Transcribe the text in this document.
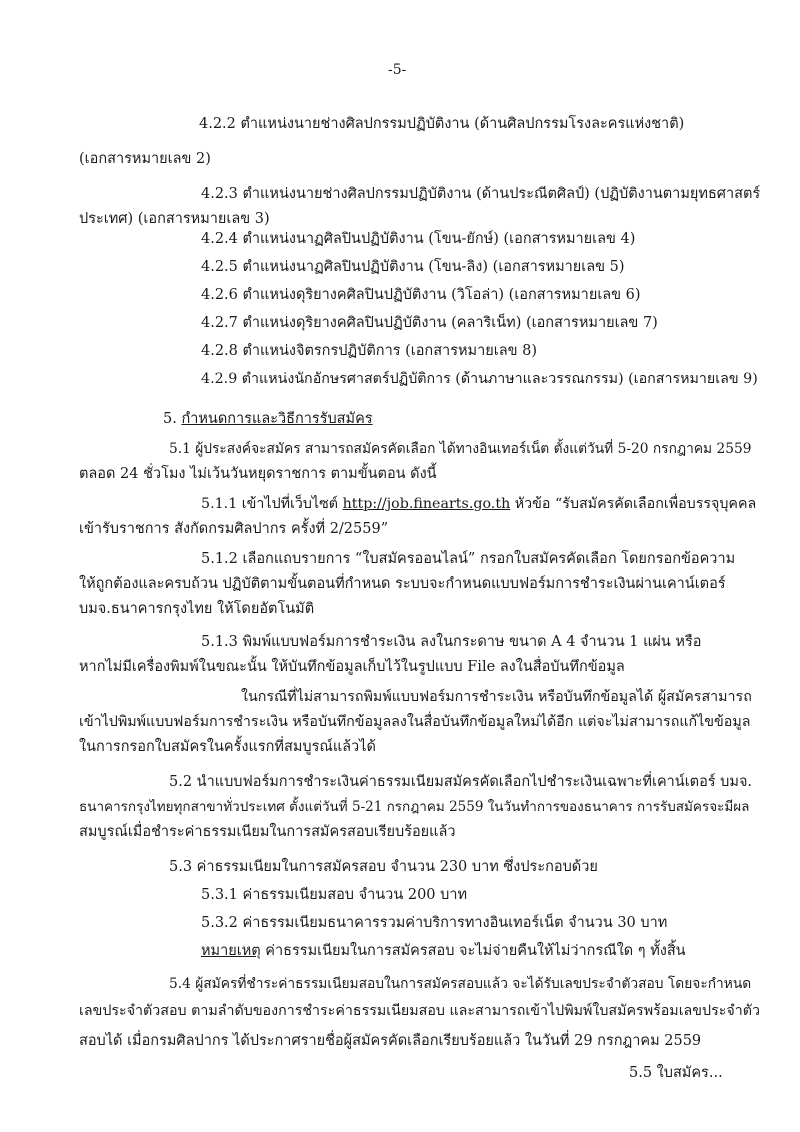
-5-
4.2.2 ตำแหน่งนายช่างศิลปกรรมปฏิบัติงาน (ด้านศิลปกรรมโรงละครแห่งชาติ)
(เอกสารหมายเลข 2)
4.2.3 ตำแหน่งนายช่างศิลปกรรมปฏิบัติงาน (ด้านประณีตศิลป์) (ปฏิบัติงานตามยุทธศาสตร์
ประเทศ) (เอกสารหมายเลข 3)
4.2.4 ตำแหน่งนาฏศิลปินปฏิบัติงาน (โขน-ยักษ์) (เอกสารหมายเลข 4)
4.2.5 ตำแหน่งนาฏศิลปินปฏิบัติงาน (โขน-ลิง) (เอกสารหมายเลข 5)
4.2.6 ตำแหน่งดุริยางคศิลปินปฏิบัติงาน (วิโอล่า) (เอกสารหมายเลข 6)
4.2.7 ตำแหน่งดุริยางคศิลปินปฏิบัติงาน (คลาริเน็ท) (เอกสารหมายเลข 7)
4.2.8 ตำแหน่งจิตรกรปฏิบัติการ (เอกสารหมายเลข 8)
4.2.9 ตำแหน่งนักอักษรศาสตร์ปฏิบัติการ (ด้านภาษาและวรรณกรรม) (เอกสารหมายเลข 9)
5. กำหนดการและวิธีการรับสมัคร
5.1 ผู้ประสงค์จะสมัคร สามารถสมัครคัดเลือก ได้ทางอินเทอร์เน็ต ตั้งแต่วันที่ 5-20 กรกฎาคม 2559
ตลอด 24 ชั่วโมง ไม่เว้นวันหยุดราชการ ตามขั้นตอน ดังนี้
5.1.1 เข้าไปที่เว็บไซต์ http://job.finearts.go.th หัวข้อ “รับสมัครคัดเลือกเพื่อบรรจุบุคคล
เข้ารับราชการ สังกัดกรมศิลปากร ครั้งที่ 2/2559”
5.1.2 เลือกแถบรายการ “ใบสมัครออนไลน์” กรอกใบสมัครคัดเลือก โดยกรอกข้อความ
ให้ถูกต้องและครบถ้วน ปฏิบัติตามขั้นตอนที่กำหนด ระบบจะกำหนดแบบฟอร์มการชำระเงินผ่านเคาน์เตอร์
บมจ.ธนาคารกรุงไทย ให้โดยอัตโนมัติ
5.1.3 พิมพ์แบบฟอร์มการชำระเงิน ลงในกระดาษ ขนาด A 4 จำนวน 1 แผ่น หรือ
หากไม่มีเครื่องพิมพ์ในขณะนั้น ให้บันทึกข้อมูลเก็บไว้ในรูปแบบ File ลงในสื่อบันทึกข้อมูล
ในกรณีที่ไม่สามารถพิมพ์แบบฟอร์มการชำระเงิน หรือบันทึกข้อมูลได้ ผู้สมัครสามารถ
เข้าไปพิมพ์แบบฟอร์มการชำระเงิน หรือบันทึกข้อมูลลงในสื่อบันทึกข้อมูลใหม่ได้อีก แต่จะไม่สามารถแก้ไขข้อมูล
ในการกรอกใบสมัครในครั้งแรกที่สมบูรณ์แล้วได้
5.2 นำแบบฟอร์มการชำระเงินค่าธรรมเนียมสมัครคัดเลือกไปชำระเงินเฉพาะที่เคาน์เตอร์ บมจ.
ธนาคารกรุงไทยทุกสาขาทั่วประเทศ ตั้งแต่วันที่ 5-21 กรกฎาคม 2559 ในวันทำการของธนาคาร การรับสมัครจะมีผล
สมบูรณ์เมื่อชำระค่าธรรมเนียมในการสมัครสอบเรียบร้อยแล้ว
5.3 ค่าธรรมเนียมในการสมัครสอบ จำนวน 230 บาท ซึ่งประกอบด้วย
5.3.1 ค่าธรรมเนียมสอบ จำนวน 200 บาท
5.3.2 ค่าธรรมเนียมธนาคารรวมค่าบริการทางอินเทอร์เน็ต จำนวน 30 บาท
หมายเหตุ ค่าธรรมเนียมในการสมัครสอบ จะไม่จ่ายคืนให้ไม่ว่ากรณีใด ๆ ทั้งสิ้น
5.4 ผู้สมัครที่ชำระค่าธรรมเนียมสอบในการสมัครสอบแล้ว จะได้รับเลขประจำตัวสอบ โดยจะกำหนด
เลขประจำตัวสอบ ตามลำดับของการชำระค่าธรรมเนียมสอบ และสามารถเข้าไปพิมพ์ใบสมัครพร้อมเลขประจำตัว
สอบได้ เมื่อกรมศิลปากร ได้ประกาศรายชื่อผู้สมัครคัดเลือกเรียบร้อยแล้ว ในวันที่ 29 กรกฎาคม 2559
5.5 ใบสมัคร...
